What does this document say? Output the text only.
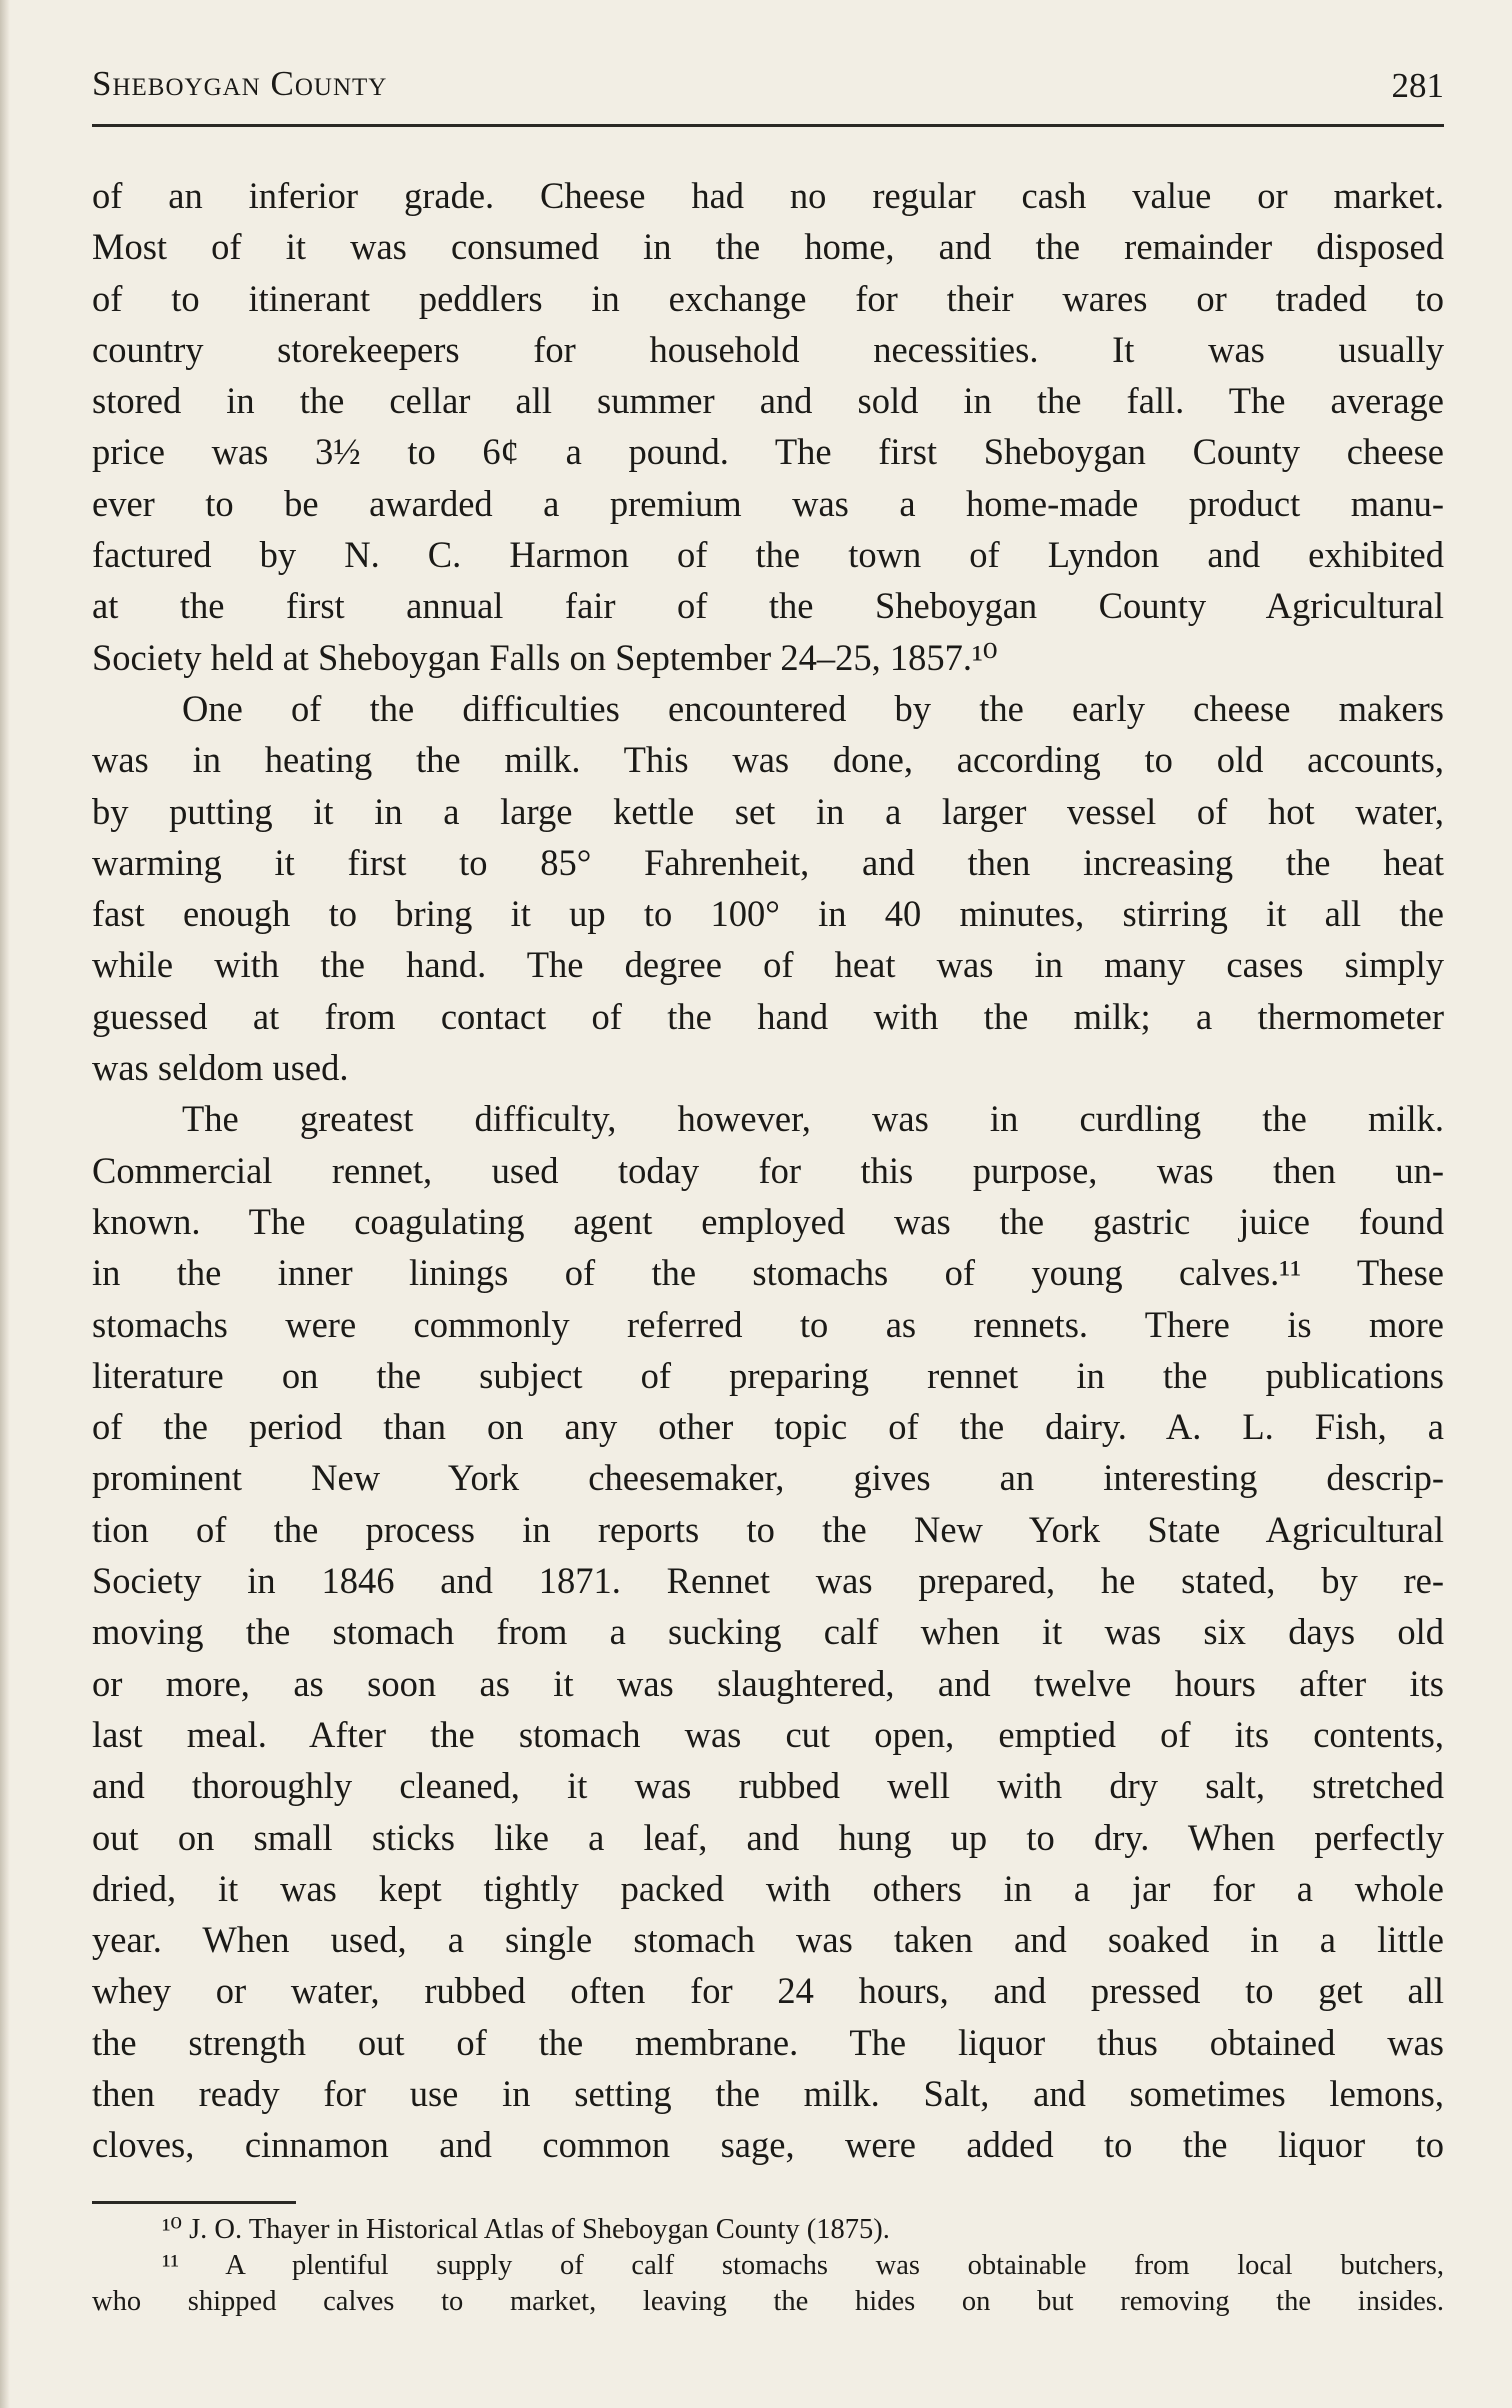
Sheboygan County	281
of an inferior grade. Cheese had no regular cash value or market.
Most of it was consumed in the home, and the remainder disposed
of to itinerant peddlers in exchange for their wares or traded to
country storekeepers for household necessities. It was usually
stored in the cellar all summer and sold in the fall. The average
price was 3½ to 6¢ a pound. The first Sheboygan County cheese
ever to be awarded a premium was a home-made product manu-
factured by N. C. Harmon of the town of Lyndon and exhibited
at the first annual fair of the Sheboygan County Agricultural
Society held at Sheboygan Falls on September 24–25, 1857.¹⁰
One of the difficulties encountered by the early cheese makers
was in heating the milk. This was done, according to old accounts,
by putting it in a large kettle set in a larger vessel of hot water,
warming it first to 85° Fahrenheit, and then increasing the heat
fast enough to bring it up to 100° in 40 minutes, stirring it all the
while with the hand. The degree of heat was in many cases simply
guessed at from contact of the hand with the milk; a thermometer
was seldom used.
The greatest difficulty, however, was in curdling the milk.
Commercial rennet, used today for this purpose, was then un-
known. The coagulating agent employed was the gastric juice found
in the inner linings of the stomachs of young calves.¹¹ These
stomachs were commonly referred to as rennets. There is more
literature on the subject of preparing rennet in the publications
of the period than on any other topic of the dairy. A. L. Fish, a
prominent New York cheesemaker, gives an interesting descrip-
tion of the process in reports to the New York State Agricultural
Society in 1846 and 1871. Rennet was prepared, he stated, by re-
moving the stomach from a sucking calf when it was six days old
or more, as soon as it was slaughtered, and twelve hours after its
last meal. After the stomach was cut open, emptied of its contents,
and thoroughly cleaned, it was rubbed well with dry salt, stretched
out on small sticks like a leaf, and hung up to dry. When perfectly
dried, it was kept tightly packed with others in a jar for a whole
year. When used, a single stomach was taken and soaked in a little
whey or water, rubbed often for 24 hours, and pressed to get all
the strength out of the membrane. The liquor thus obtained was
then ready for use in setting the milk. Salt, and sometimes lemons,
cloves, cinnamon and common sage, were added to the liquor to
¹⁰ J. O. Thayer in Historical Atlas of Sheboygan County (1875).
¹¹ A plentiful supply of calf stomachs was obtainable from local butchers,
who shipped calves to market, leaving the hides on but removing the insides.
